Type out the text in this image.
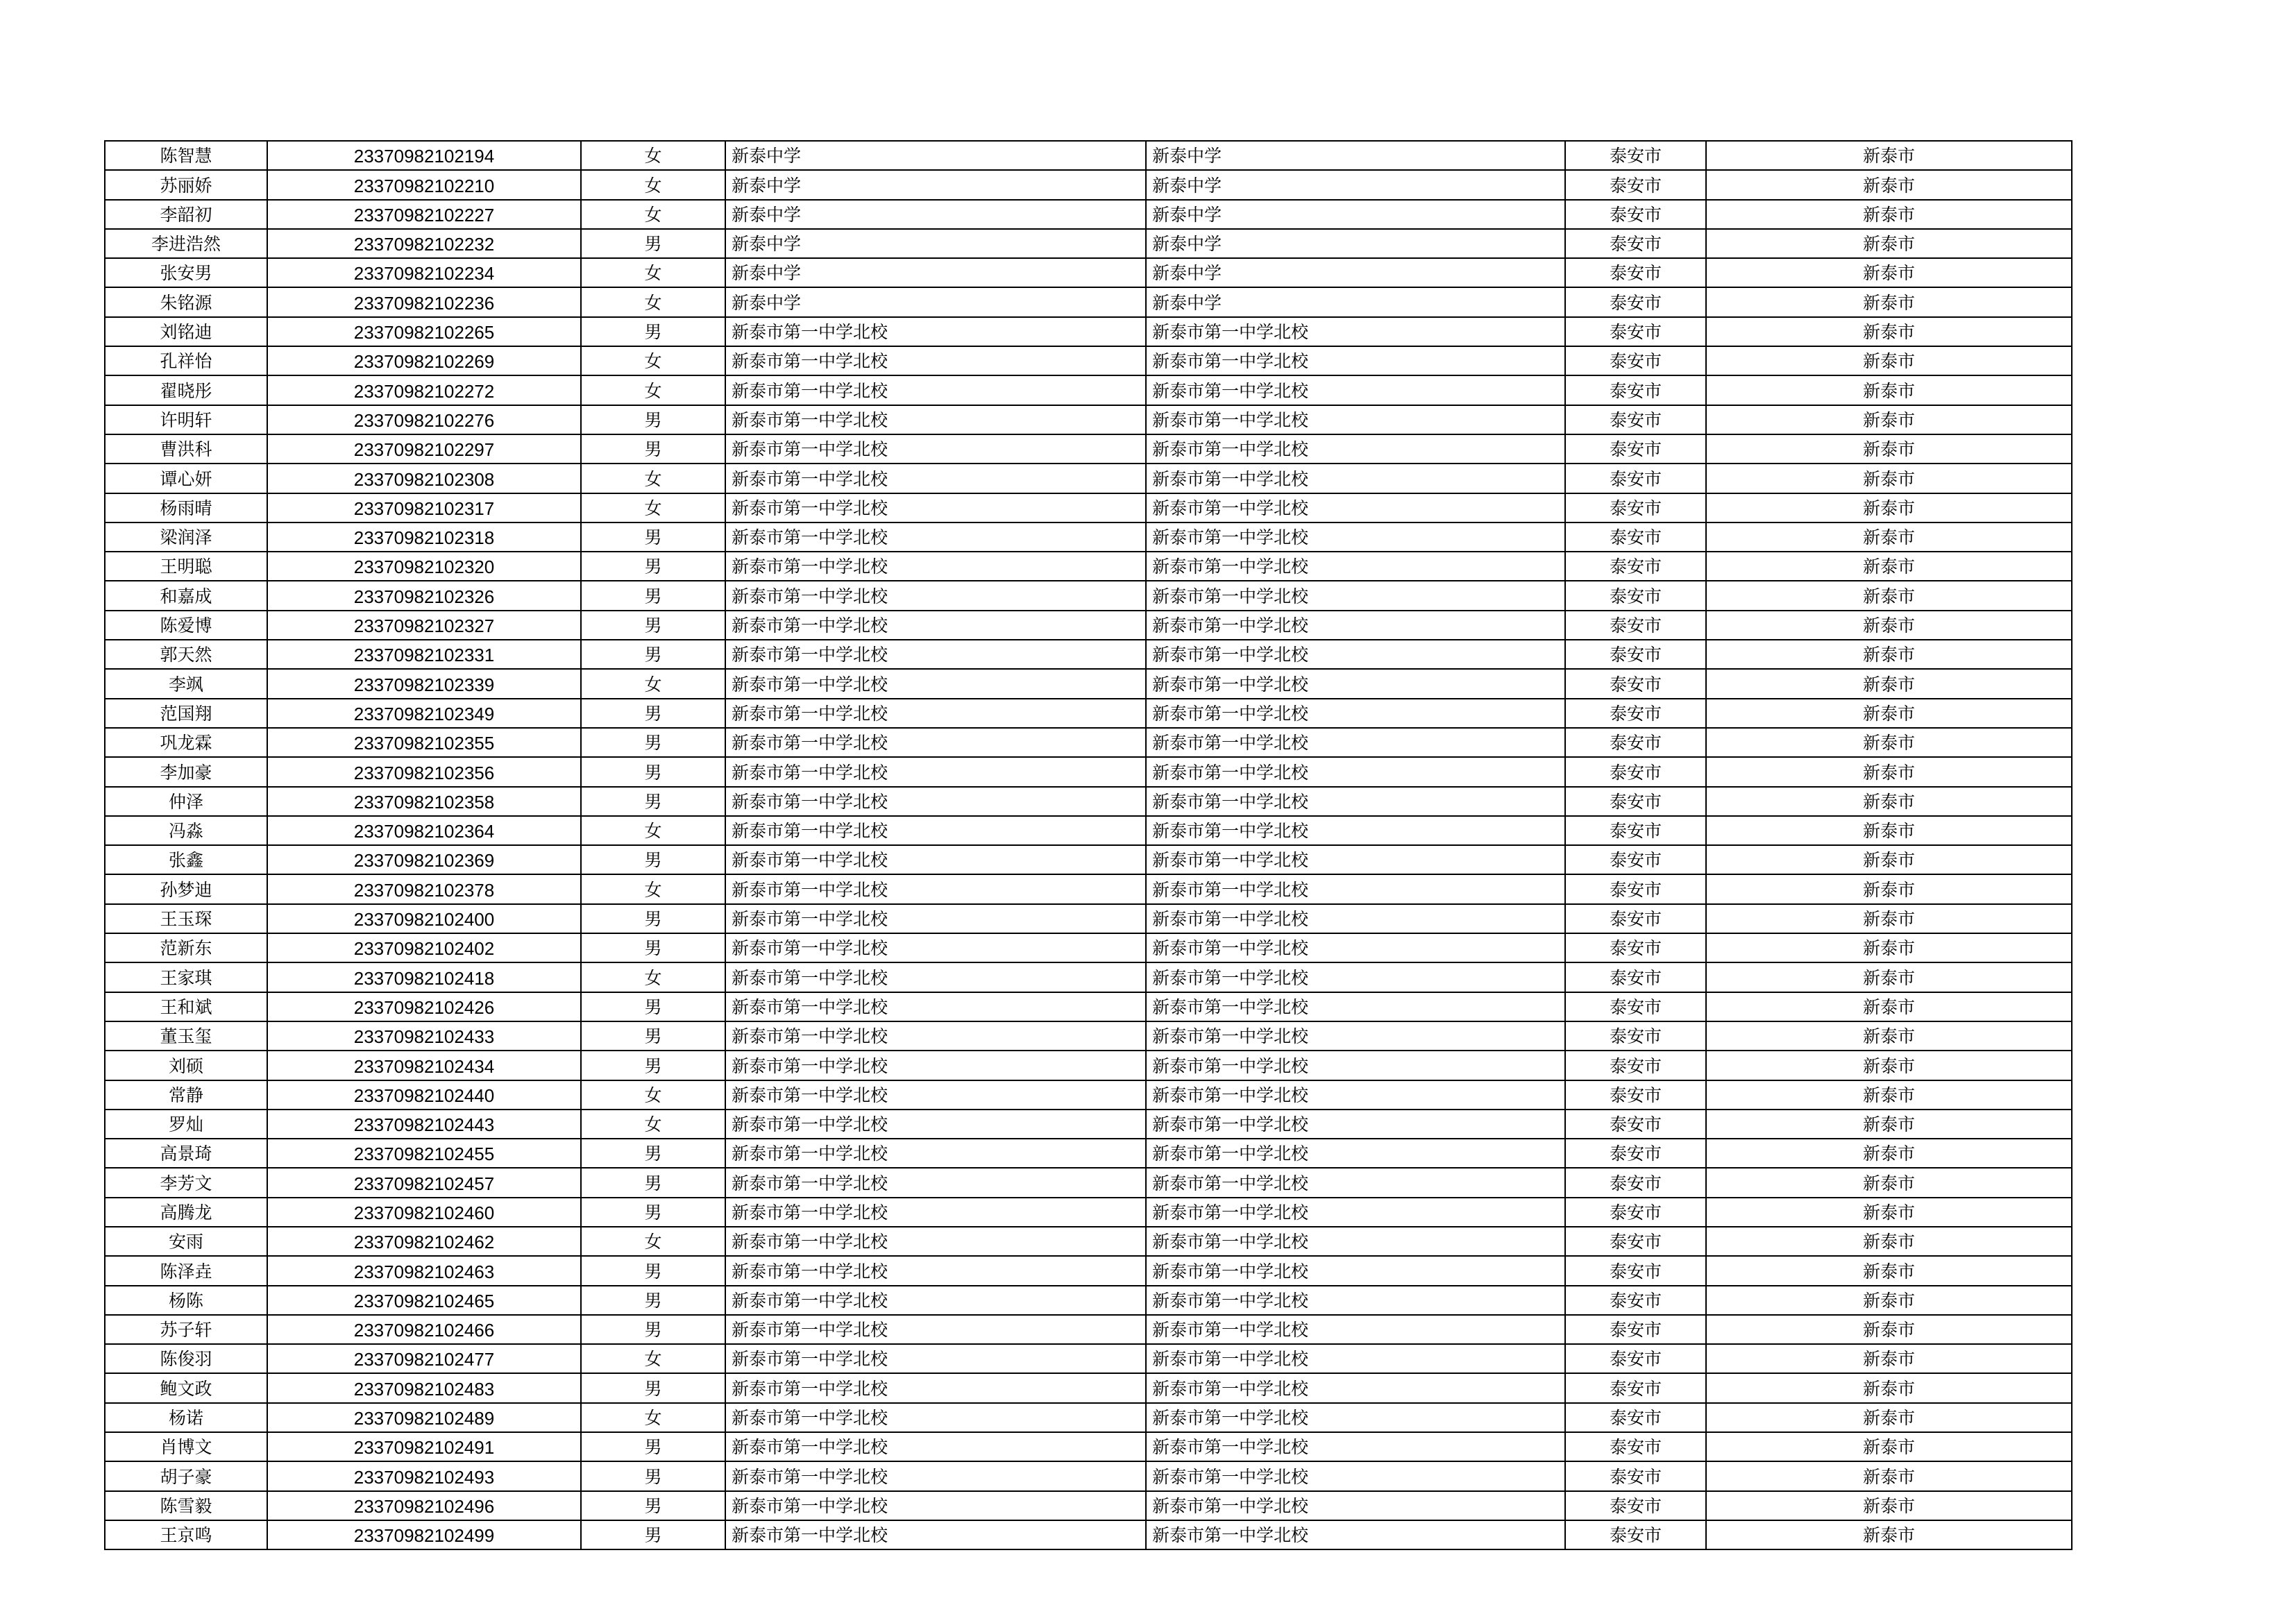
陈智慧	23370982102194	女	新泰中学	新泰中学	泰安市	新泰市
苏丽娇	23370982102210	女	新泰中学	新泰中学	泰安市	新泰市
李韶初	23370982102227	女	新泰中学	新泰中学	泰安市	新泰市
李进浩然	23370982102232	男	新泰中学	新泰中学	泰安市	新泰市
张安男	23370982102234	女	新泰中学	新泰中学	泰安市	新泰市
朱铭源	23370982102236	女	新泰中学	新泰中学	泰安市	新泰市
刘铭迪	23370982102265	男	新泰市第一中学北校	新泰市第一中学北校	泰安市	新泰市
孔祥怡	23370982102269	女	新泰市第一中学北校	新泰市第一中学北校	泰安市	新泰市
翟晓彤	23370982102272	女	新泰市第一中学北校	新泰市第一中学北校	泰安市	新泰市
许明轩	23370982102276	男	新泰市第一中学北校	新泰市第一中学北校	泰安市	新泰市
曹洪科	23370982102297	男	新泰市第一中学北校	新泰市第一中学北校	泰安市	新泰市
谭心妍	23370982102308	女	新泰市第一中学北校	新泰市第一中学北校	泰安市	新泰市
杨雨晴	23370982102317	女	新泰市第一中学北校	新泰市第一中学北校	泰安市	新泰市
梁润泽	23370982102318	男	新泰市第一中学北校	新泰市第一中学北校	泰安市	新泰市
王明聪	23370982102320	男	新泰市第一中学北校	新泰市第一中学北校	泰安市	新泰市
和嘉成	23370982102326	男	新泰市第一中学北校	新泰市第一中学北校	泰安市	新泰市
陈爱博	23370982102327	男	新泰市第一中学北校	新泰市第一中学北校	泰安市	新泰市
郭天然	23370982102331	男	新泰市第一中学北校	新泰市第一中学北校	泰安市	新泰市
李飒	23370982102339	女	新泰市第一中学北校	新泰市第一中学北校	泰安市	新泰市
范国翔	23370982102349	男	新泰市第一中学北校	新泰市第一中学北校	泰安市	新泰市
巩龙霖	23370982102355	男	新泰市第一中学北校	新泰市第一中学北校	泰安市	新泰市
李加豪	23370982102356	男	新泰市第一中学北校	新泰市第一中学北校	泰安市	新泰市
仲泽	23370982102358	男	新泰市第一中学北校	新泰市第一中学北校	泰安市	新泰市
冯淼	23370982102364	女	新泰市第一中学北校	新泰市第一中学北校	泰安市	新泰市
张鑫	23370982102369	男	新泰市第一中学北校	新泰市第一中学北校	泰安市	新泰市
孙梦迪	23370982102378	女	新泰市第一中学北校	新泰市第一中学北校	泰安市	新泰市
王玉琛	23370982102400	男	新泰市第一中学北校	新泰市第一中学北校	泰安市	新泰市
范新东	23370982102402	男	新泰市第一中学北校	新泰市第一中学北校	泰安市	新泰市
王家琪	23370982102418	女	新泰市第一中学北校	新泰市第一中学北校	泰安市	新泰市
王和斌	23370982102426	男	新泰市第一中学北校	新泰市第一中学北校	泰安市	新泰市
董玉玺	23370982102433	男	新泰市第一中学北校	新泰市第一中学北校	泰安市	新泰市
刘硕	23370982102434	男	新泰市第一中学北校	新泰市第一中学北校	泰安市	新泰市
常静	23370982102440	女	新泰市第一中学北校	新泰市第一中学北校	泰安市	新泰市
罗灿	23370982102443	女	新泰市第一中学北校	新泰市第一中学北校	泰安市	新泰市
高景琦	23370982102455	男	新泰市第一中学北校	新泰市第一中学北校	泰安市	新泰市
李芳文	23370982102457	男	新泰市第一中学北校	新泰市第一中学北校	泰安市	新泰市
高腾龙	23370982102460	男	新泰市第一中学北校	新泰市第一中学北校	泰安市	新泰市
安雨	23370982102462	女	新泰市第一中学北校	新泰市第一中学北校	泰安市	新泰市
陈泽垚	23370982102463	男	新泰市第一中学北校	新泰市第一中学北校	泰安市	新泰市
杨陈	23370982102465	男	新泰市第一中学北校	新泰市第一中学北校	泰安市	新泰市
苏子轩	23370982102466	男	新泰市第一中学北校	新泰市第一中学北校	泰安市	新泰市
陈俊羽	23370982102477	女	新泰市第一中学北校	新泰市第一中学北校	泰安市	新泰市
鲍文政	23370982102483	男	新泰市第一中学北校	新泰市第一中学北校	泰安市	新泰市
杨诺	23370982102489	女	新泰市第一中学北校	新泰市第一中学北校	泰安市	新泰市
肖博文	23370982102491	男	新泰市第一中学北校	新泰市第一中学北校	泰安市	新泰市
胡子豪	23370982102493	男	新泰市第一中学北校	新泰市第一中学北校	泰安市	新泰市
陈雪毅	23370982102496	男	新泰市第一中学北校	新泰市第一中学北校	泰安市	新泰市
王京鸣	23370982102499	男	新泰市第一中学北校	新泰市第一中学北校	泰安市	新泰市
